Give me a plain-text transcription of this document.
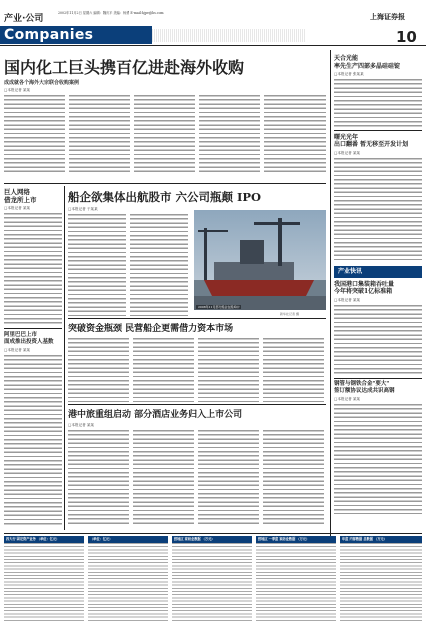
产业·公司
2002年11月2日 星期六 编辑：魏庆平 美编：杨勇 E-mail:hjpe@hs.com
Companies
上海证券报
10
国内化工巨头携百亿进赴海外收购
成成就各个海外大宗联合收购案例
□本报记者 某某
天合光能
率先生产四部多晶硅硅锭
□本报记者 张某某
曙光光年
出口翻番 暂无移至开发计划
□本报记者 某某
产业快讯
我国港口集装箱吞吐量
今年将突破1亿标准箱
□本报记者 某某
钢管与钢铁合金"要大"
签订额协议达成共识高钢
□本报记者 某某
巨人网络
借龙所上市
□本报记者 某某
阿里巴巴上市
面成推出投资人基数
□本报记者 某某
船企欲集体出航股市 六公司瓶颠 IPO
□本报记者 于某某
2008年11月部分船企在船坞中
新华社记者 摄
突破资金瓶颈 民营船企更需借力资本市场
港中旅重组启动 部分酒店业务归入上市公司
□本报记者 某某
四大行 固定资产业务 （单位：亿元）	（单位：亿元）	按地区 家纺业数据 （万元）	按地区 一季度 家纺业数据 （万元）	年度 内部数据 总数据 （万元）
